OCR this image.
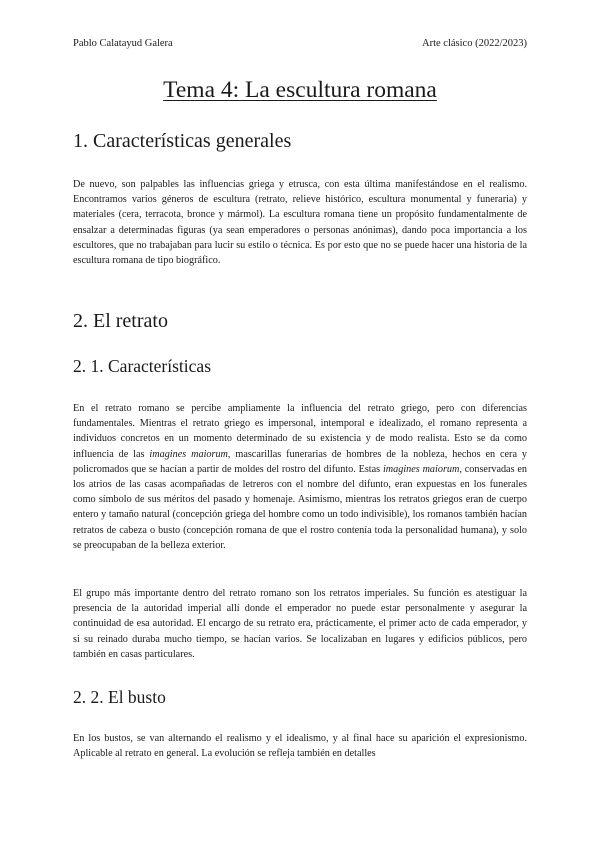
Pablo Calatayud Galera	Arte clásico (2022/2023)
Tema 4: La escultura romana
1. Características generales

De nuevo, son palpables las influencias griega y etrusca, con esta última manifestándose en el realismo. Encontramos varios géneros de escultura (retrato, relieve histórico, escultura monumental y funeraria) y materiales (cera, terracota, bronce y mármol). La escultura romana tiene un propósito fundamentalmente de ensalzar a determinadas figuras (ya sean emperadores o personas anónimas), dando poca importancia a los escultores, que no trabajaban para lucir su estilo o técnica. Es por esto que no se puede hacer una historia de la escultura romana de tipo biográfico.

2. El retrato
2. 1. Características

En el retrato romano se percibe ampliamente la influencia del retrato griego, pero con diferencias fundamentales. Mientras el retrato griego es impersonal, intemporal e idealizado, el romano representa a individuos concretos en un momento determinado de su existencia y de modo realista. Esto se da como influencia de las imagines maiorum, mascarillas funerarias de hombres de la nobleza, hechos en cera y policromados que se hacían a partir de moldes del rostro del difunto. Estas imagines maiorum, conservadas en los atrios de las casas acompañadas de letreros con el nombre del difunto, eran expuestas en los funerales como símbolo de sus méritos del pasado y homenaje. Asimismo, mientras los retratos griegos eran de cuerpo entero y tamaño natural (concepción griega del hombre como un todo indivisible), los romanos también hacían retratos de cabeza o busto (concepción romana de que el rostro contenía toda la personalidad humana), y solo se preocupaban de la belleza exterior.

El grupo más importante dentro del retrato romano son los retratos imperiales. Su función es atestiguar la presencia de la autoridad imperial allí donde el emperador no puede estar personalmente y asegurar la continuidad de esa autoridad. El encargo de su retrato era, prácticamente, el primer acto de cada emperador, y si su reinado duraba mucho tiempo, se hacían varios. Se localizaban en lugares y edificios públicos, pero también en casas particulares.

2. 2. El busto

En los bustos, se van alternando el realismo y el idealismo, y al final hace su aparición el expresionismo. Aplicable al retrato en general. La evolución se refleja también en detalles
